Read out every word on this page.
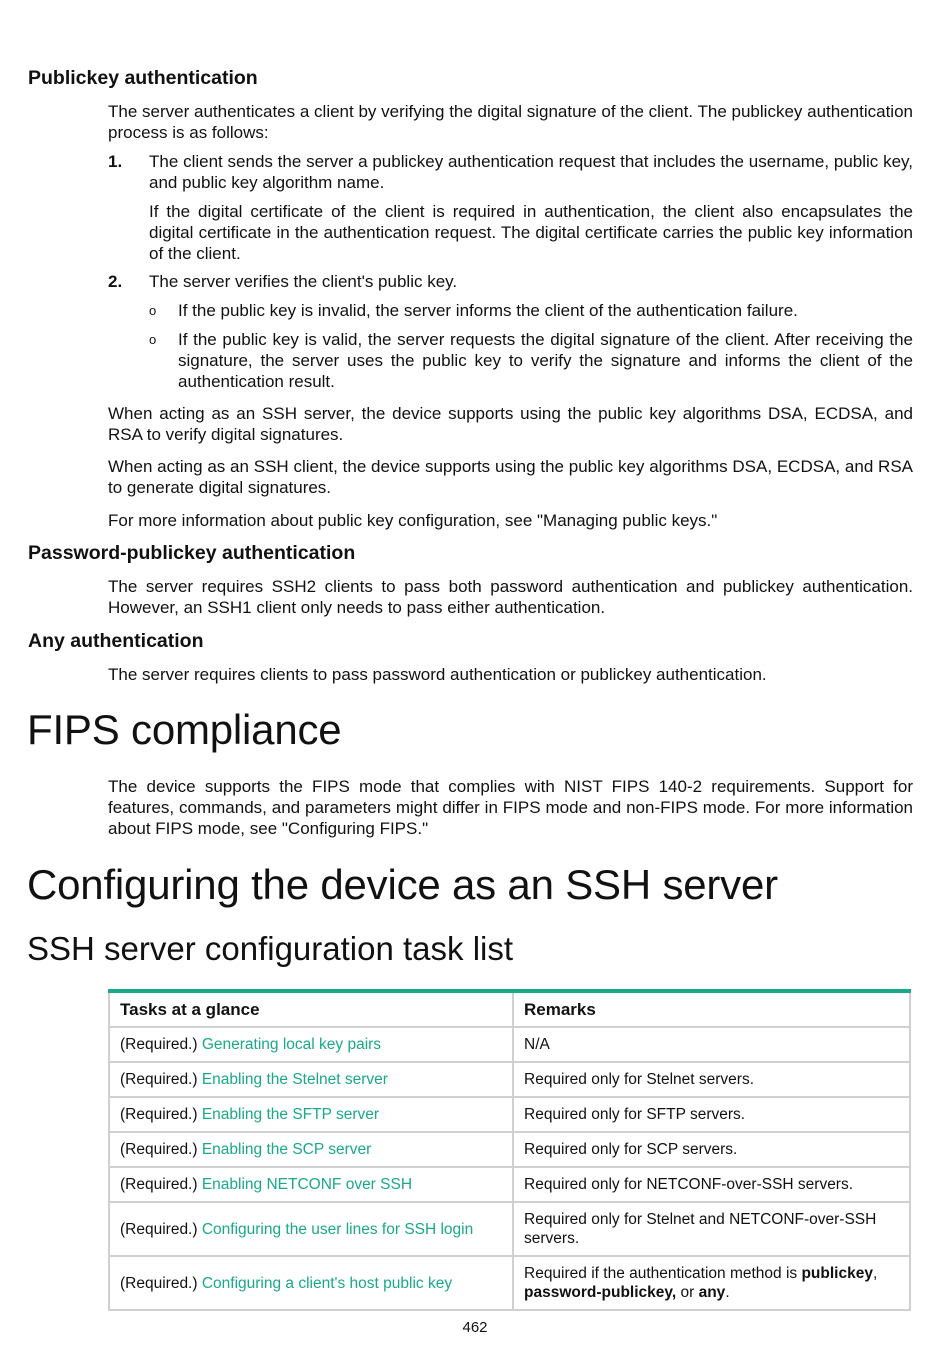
Publickey authentication

The server authenticates a client by verifying the digital signature of the client. The publickey authentication process is as follows:

1. The client sends the server a publickey authentication request that includes the username, public key, and public key algorithm name.

If the digital certificate of the client is required in authentication, the client also encapsulates the digital certificate in the authentication request. The digital certificate carries the public key information of the client.

2. The server verifies the client's public key.

o If the public key is invalid, the server informs the client of the authentication failure.

o If the public key is valid, the server requests the digital signature of the client. After receiving the signature, the server uses the public key to verify the signature and informs the client of the authentication result.

When acting as an SSH server, the device supports using the public key algorithms DSA, ECDSA, and RSA to verify digital signatures.

When acting as an SSH client, the device supports using the public key algorithms DSA, ECDSA, and RSA to generate digital signatures.

For more information about public key configuration, see "Managing public keys."

Password-publickey authentication

The server requires SSH2 clients to pass both password authentication and publickey authentication. However, an SSH1 client only needs to pass either authentication.

Any authentication

The server requires clients to pass password authentication or publickey authentication.

FIPS compliance

The device supports the FIPS mode that complies with NIST FIPS 140-2 requirements. Support for features, commands, and parameters might differ in FIPS mode and non-FIPS mode. For more information about FIPS mode, see "Configuring FIPS."

Configuring the device as an SSH server
SSH server configuration task list
Tasks at a glance	Remarks
(Required.) Generating local key pairs	N/A
(Required.) Enabling the Stelnet server	Required only for Stelnet servers.
(Required.) Enabling the SFTP server	Required only for SFTP servers.
(Required.) Enabling the SCP server	Required only for SCP servers.
(Required.) Enabling NETCONF over SSH	Required only for NETCONF-over-SSH servers.
(Required.) Configuring the user lines for SSH login	Required only for Stelnet and NETCONF-over-SSH servers.
(Required.) Configuring a client's host public key	Required if the authentication method is publickey, password-publickey, or any.
462
